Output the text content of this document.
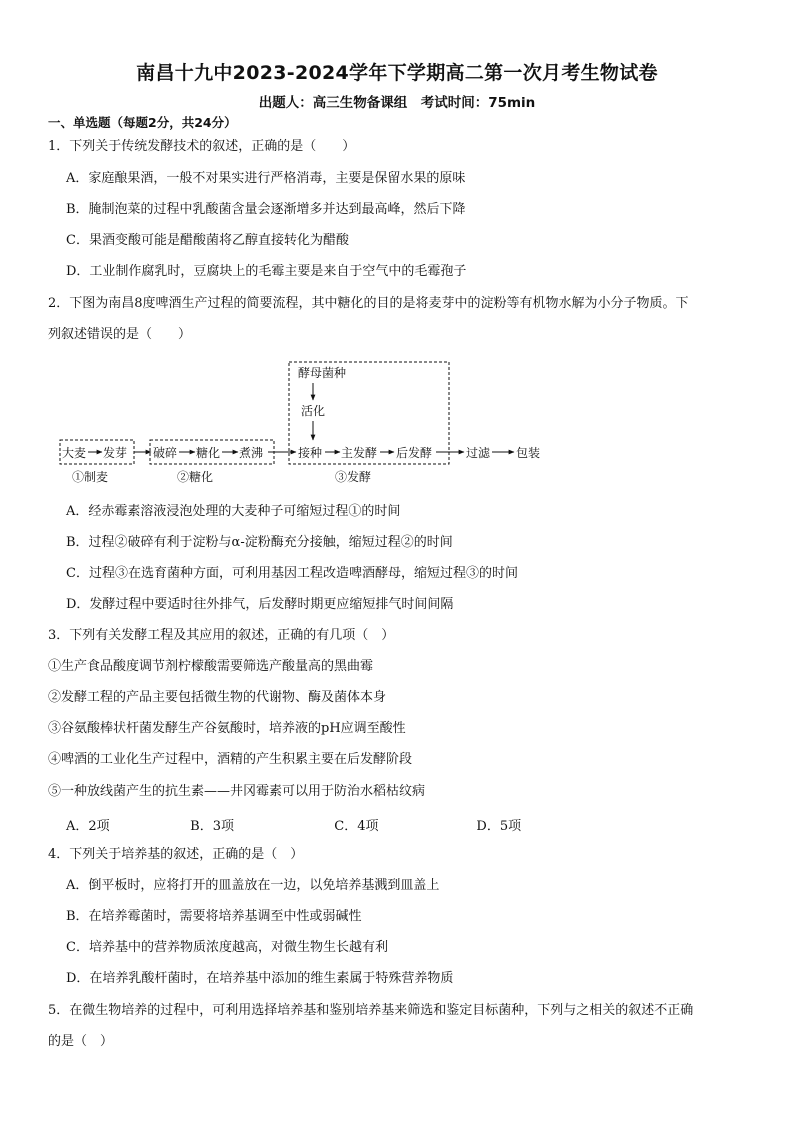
南昌十九中2023-2024学年下学期高二第一次月考生物试卷
出题人：高三生物备课组　考试时间：75min
一、单选题（每题2分，共24分）
1．下列关于传统发酵技术的叙述，正确的是（　　）
A．家庭酿果酒，一般不对果实进行严格消毒，主要是保留水果的原味
B．腌制泡菜的过程中乳酸菌含量会逐渐增多并达到最高峰，然后下降
C．果酒变酸可能是醋酸菌将乙醇直接转化为醋酸
D．工业制作腐乳时，豆腐块上的毛霉主要是来自于空气中的毛霉孢子
2．下图为南昌8度啤酒生产过程的简要流程，其中糖化的目的是将麦芽中的淀粉等有机物水解为小分子物质。下
列叙述错误的是（　　）
酵母菌种
活化
大麦 发芽 破碎 糖化 煮沸	接种 主发酵 后发酵	过滤 包装
①制麦	②糖化	③发酵
A．经赤霉素溶液浸泡处理的大麦种子可缩短过程①的时间
B．过程②破碎有利于淀粉与α-淀粉酶充分接触，缩短过程②的时间
C．过程③在选育菌种方面，可利用基因工程改造啤酒酵母，缩短过程③的时间
D．发酵过程中要适时往外排气，后发酵时期更应缩短排气时间间隔
3．下列有关发酵工程及其应用的叙述，正确的有几项（　）
①生产食品酸度调节剂柠檬酸需要筛选产酸量高的黑曲霉
②发酵工程的产品主要包括微生物的代谢物、酶及菌体本身
③谷氨酸棒状杆菌发酵生产谷氨酸时，培养液的pH应调至酸性
④啤酒的工业化生产过程中，酒精的产生积累主要在后发酵阶段
⑤一种放线菌产生的抗生素——井冈霉素可以用于防治水稻枯纹病
A．2项	B．3项	C．4项	D．5项
4．下列关于培养基的叙述，正确的是（　）
A．倒平板时，应将打开的皿盖放在一边，以免培养基溅到皿盖上
B．在培养霉菌时，需要将培养基调至中性或弱碱性
C．培养基中的营养物质浓度越高，对微生物生长越有利
D．在培养乳酸杆菌时，在培养基中添加的维生素属于特殊营养物质
5．在微生物培养的过程中，可利用选择培养基和鉴别培养基来筛选和鉴定目标菌种，下列与之相关的叙述不正确
的是（　）
